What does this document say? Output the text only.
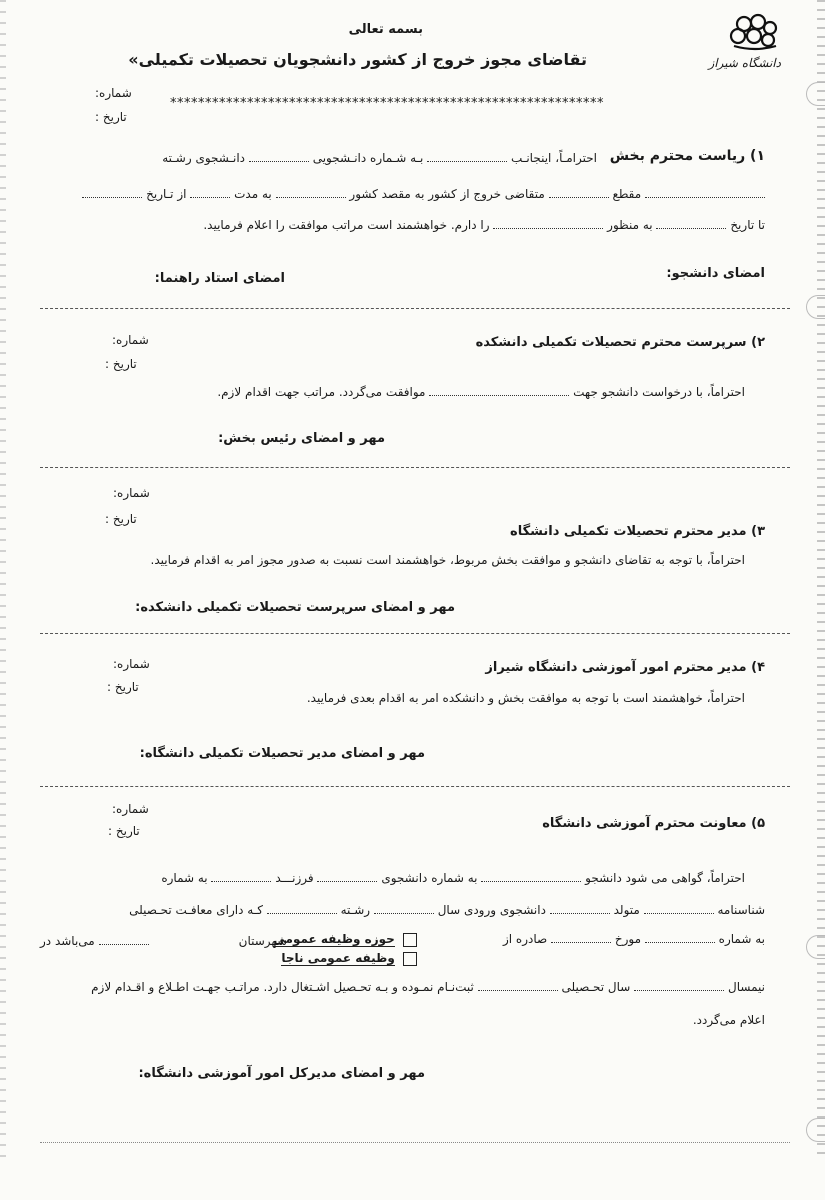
دانشگاه شیراز
بسمه تعالی
تقاضای مجوز خروج از کشور دانشجویان تحصیلات تکمیلی»
شماره:
تاریخ :
**************************************************************
۱) ریاست محترم بخش
احترامـاً، اینجانـب  بـه شـماره دانـشجویی  دانـشجوی رشـته
مقطع  متقاضی خروج از کشور به مقصد کشور  به مدت  از تـاریخ
تا تاریخ  به منظور  را دارم. خواهشمند است مراتب موافقت را اعلام فرمایید.
امضای دانشجو:
امضای استاد راهنما:
شماره:
تاریخ :
۲) سرپرست محترم تحصیلات تکمیلی دانشکده
احتراماً، با درخواست دانشجو جهت  موافقت می‌گردد. مراتب جهت اقدام لازم.
مهر و امضای رئیس بخش:
شماره:
تاریخ :
۳) مدیر محترم تحصیلات تکمیلی دانشگاه
احتراماً، با توجه به تقاضای دانشجو و موافقت بخش مربوط، خواهشمند است نسبت به صدور مجوز امر به اقدام فرمایید.
مهر و امضای سرپرست تحصیلات تکمیلی دانشکده:
شماره:
تاریخ :
۴) مدیر محترم امور آموزشی دانشگاه شیراز
احتراماً، خواهشمند است با توجه به موافقت بخش و دانشکده امر به اقدام بعدی فرمایید.
مهر و امضای مدیر تحصیلات تکمیلی دانشگاه:
شماره:
تاریخ :	۵) معاونت محترم آموزشی دانشگاه
احتراماً، گواهی می شود دانشجو  به شماره دانشجوی  فرزنـــد  به شماره
شناسنامه  متولد  دانشجوی ورودی سال  رشـته  کـه دارای معافـت تحـصیلی
به شماره  مورخ  صادره از
حوزه وظیفه عمومی
وظیفه عمومی ناجا
شهرستان
می‌باشد در
نیمسال  سال تحـصیلی  ثبت‌نـام نمـوده و بـه تحـصیل اشـتغال دارد. مراتـب جهـت اطـلاع و اقـدام لازم
اعلام می‌گردد.
مهر و امضای مدیرکل امور آموزشی دانشگاه:
